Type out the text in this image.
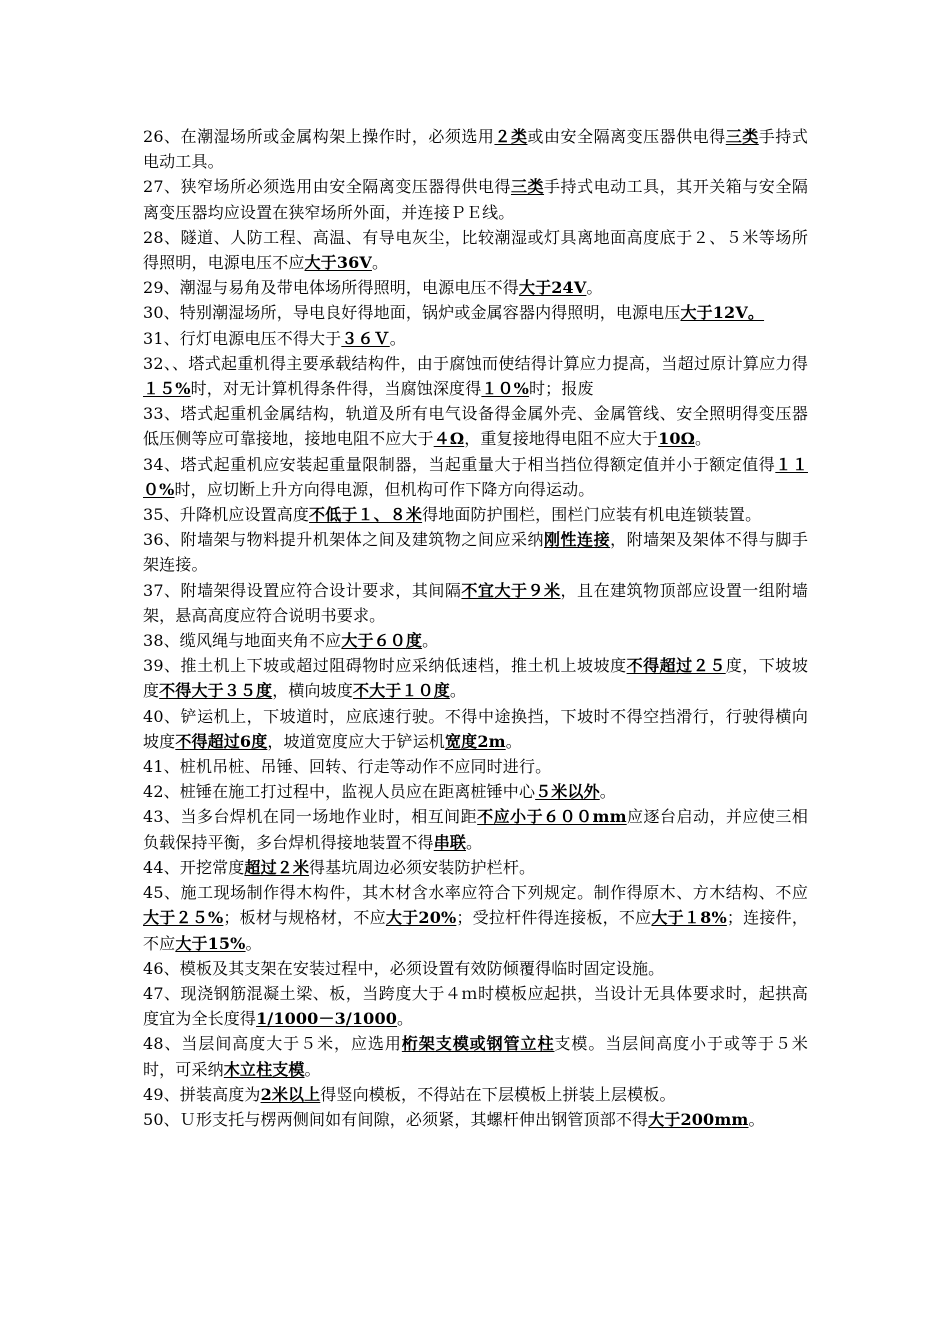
26、在潮湿场所或金属构架上操作时，必须选用２类或由安全隔离变压器供电得三类手持式电动工具。

27、狭窄场所必须选用由安全隔离变压器得供电得三类手持式电动工具，其开关箱与安全隔离变压器均应设置在狭窄场所外面，并连接ＰＥ线。

28、隧道、人防工程、高温、有导电灰尘，比较潮湿或灯具离地面高度底于２、５米等场所得照明，电源电压不应大于36V。

29、潮湿与易角及带电体场所得照明，电源电压不得大于24V。

30、特别潮湿场所，导电良好得地面，锅炉或金属容器内得照明，电源电压大于12V。

31、行灯电源电压不得大于３６Ｖ。

32、、塔式起重机得主要承载结构件，由于腐蚀而使结得计算应力提高，当超过原计算应力得１５%时，对无计算机得条件得，当腐蚀深度得１０%时；报废

33、塔式起重机金属结构，轨道及所有电气设备得金属外壳、金属管线、安全照明得变压器低压侧等应可靠接地，接地电阻不应大于４Ω，重复接地得电阻不应大于10Ω。

34、塔式起重机应安装起重量限制器，当起重量大于相当挡位得额定值并小于额定值得１１０%时，应切断上升方向得电源，但机构可作下降方向得运动。

35、升降机应设置高度不低于１、８米得地面防护围栏，围栏门应装有机电连锁装置。

36、附墙架与物料提升机架体之间及建筑物之间应采纳刚性连接，附墙架及架体不得与脚手架连接。

37、附墙架得设置应符合设计要求，其间隔不宜大于９米，且在建筑物顶部应设置一组附墙架，悬高高度应符合说明书要求。

38、缆风绳与地面夹角不应大于６０度。

39、推土机上下坡或超过阻碍物时应采纳低速档，推土机上坡坡度不得超过２５度，下坡坡度不得大于３５度，横向坡度不大于１０度。

40、铲运机上，下坡道时，应底速行驶。不得中途换挡，下坡时不得空挡滑行，行驶得横向坡度不得超过6度，坡道宽度应大于铲运机宽度2m。

41、桩机吊桩、吊锤、回转、行走等动作不应同时进行。

42、桩锤在施工打过程中，监视人员应在距离桩锤中心５米以外。

43、当多台焊机在同一场地作业时，相互间距不应小于６００mm应逐台启动，并应使三相负载保持平衡，多台焊机得接地装置不得串联。

44、开挖常度超过２米得基坑周边必须安装防护栏杆。

45、施工现场制作得木构件，其木材含水率应符合下列规定。制作得原木、方木结构、不应大于２５%；板材与规格材，不应大于20%；受拉杆件得连接板，不应大于１8%；连接件，不应大于15%。

46、模板及其支架在安装过程中，必须设置有效防倾覆得临时固定设施。

47、现浇钢筋混凝土梁、板，当跨度大于４ｍ时模板应起拱，当设计无具体要求时，起拱高度宜为全长度得1/1000－3/1000。

48、当层间高度大于５米，应选用桁架支模或钢管立柱支模。当层间高度小于或等于５米时，可采纳木立柱支模。

49、拼装高度为2米以上得竖向模板，不得站在下层模板上拼装上层模板。

50、Ｕ形支托与楞两侧间如有间隙，必须紧，其螺杆伸出钢管顶部不得大于200mm。
